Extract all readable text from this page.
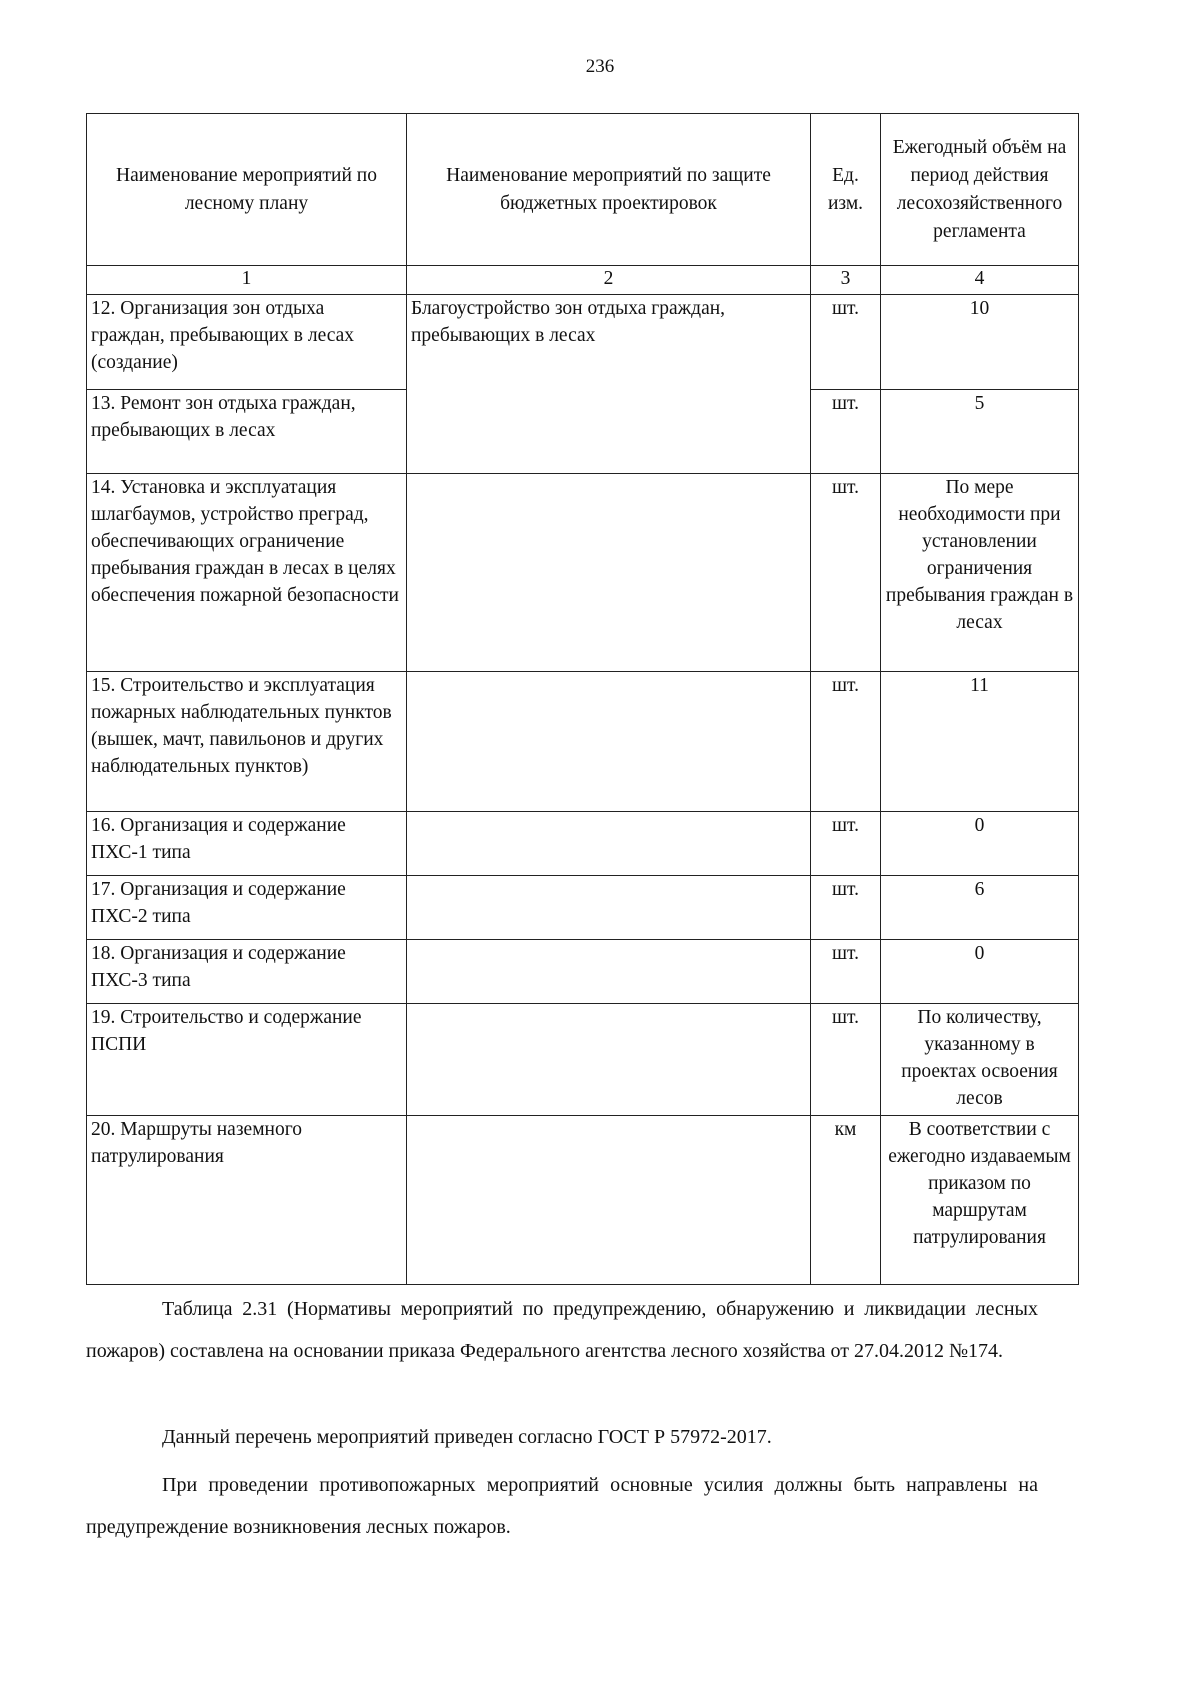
236
Наименование мероприятий по лесному плану	Наименование мероприятий по защите бюджетных проектировок	Ед. изм.	Ежегодный объём на период действия лесохозяйственного регламента
1	2	3	4
12. Организация зон отдыха граждан, пребывающих в лесах (создание)	Благоустройство зон отдыха граждан, пребывающих в лесах	шт.	10
13. Ремонт зон отдыха граждан, пребывающих в лесах		шт.	5
14. Установка и эксплуатация шлагбаумов, устройство преград, обеспечивающих ограничение пребывания граждан в лесах в целях обеспечения пожарной безопасности		шт.	По мере необходимости при установлении ограничения пребывания граждан в лесах
15. Строительство и эксплуатация пожарных наблюдательных пунктов (вышек, мачт, павильонов и других наблюдательных пунктов)		шт.	11
16. Организация и содержание ПХС-1 типа		шт.	0
17. Организация и содержание ПХС-2 типа		шт.	6
18. Организация и содержание ПХС-3 типа		шт.	0
19. Строительство и содержание ПСПИ		шт.	По количеству, указанному в проектах освоения лесов
20. Маршруты наземного патрулирования		км	В соответствии с ежегодно издаваемым приказом по маршрутам патрулирования

Таблица 2.31 (Нормативы мероприятий по предупреждению, обнаружению и ликвидации лесных пожаров) составлена на основании приказа Федерального агентства лесного хозяйства от 27.04.2012 №174.

Данный перечень мероприятий приведен согласно ГОСТ Р 57972-2017.

При проведении противопожарных мероприятий основные усилия должны быть направлены на предупреждение возникновения лесных пожаров.
